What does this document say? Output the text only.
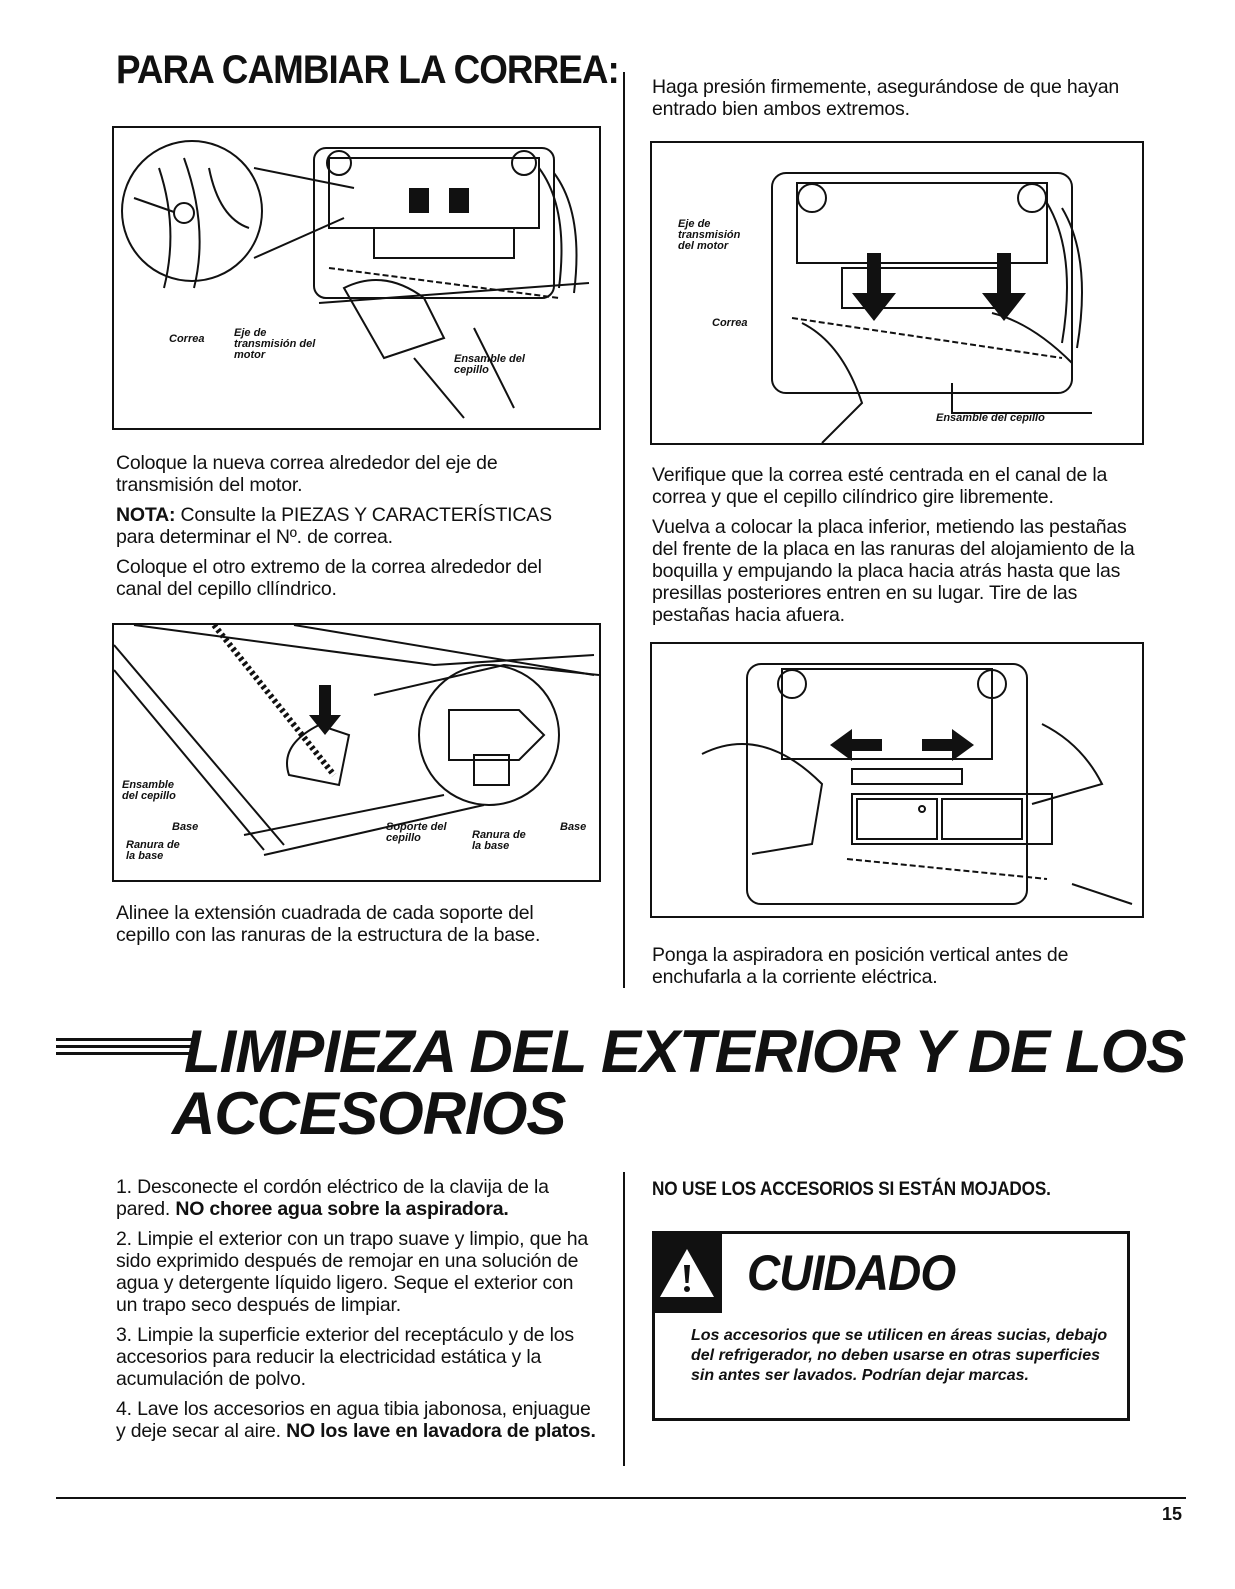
PARA CAMBIAR LA CORREA:
Correa	Eje de transmisión del motor	Ensamble del cepillo

Coloque la nueva correa alrededor del eje de transmisión del motor.

NOTA: Consulte la PIEZAS Y CARACTERÍSTICAS para determinar el Nº. de correa.

Coloque el otro extremo de la correa alrededor del canal del cepillo cllíndrico.

Ensamble del cepillo
Base
Ranura de la base
Soporte del cepillo	Ranura de la base
Base

Alinee la extensión cuadrada de cada soporte del cepillo con las ranuras de la estructura de la base.

Haga presión firmemente, asegurándose de que hayan entrado bien ambos extremos.

Eje de transmisión del motor
Correa
Ensamble del cepillo

Verifique que la correa esté centrada en el canal de la correa y que el cepillo cilíndrico gire libremente.

Vuelva a colocar la placa inferior, metiendo las pestañas del frente de la placa en las ranuras del alojamiento de la boquilla y empujando la placa hacia atrás hasta que las presillas posteriores entren en su lugar. Tire de las pestañas hacia afuera.

Ponga la aspiradora en posición vertical antes de enchufarla a la corriente eléctrica.

LIMPIEZA DEL EXTERIOR Y DE LOS
ACCESORIOS

1. Desconecte el cordón eléctrico de la clavija de la pared. NO choree agua sobre la aspiradora.

2. Limpie el exterior con un trapo suave y limpio, que ha sido exprimido después de remojar en una solución de agua y detergente líquido ligero. Seque el exterior con un trapo seco después de limpiar.

3. Limpie la superficie exterior del receptáculo y de los accesorios para reducir la electricidad estática y la acumulación de polvo.

4. Lave los accesorios en agua tibia jabonosa, enjuague y deje secar al aire. NO los lave en lavadora de platos.

NO USE LOS ACCESORIOS SI ESTÁN MOJADOS.
CUIDADO
Los accesorios que se utilicen en áreas sucias, debajo del refrigerador, no deben usarse en otras superficies sin antes ser lavados. Podrían dejar marcas.
15
